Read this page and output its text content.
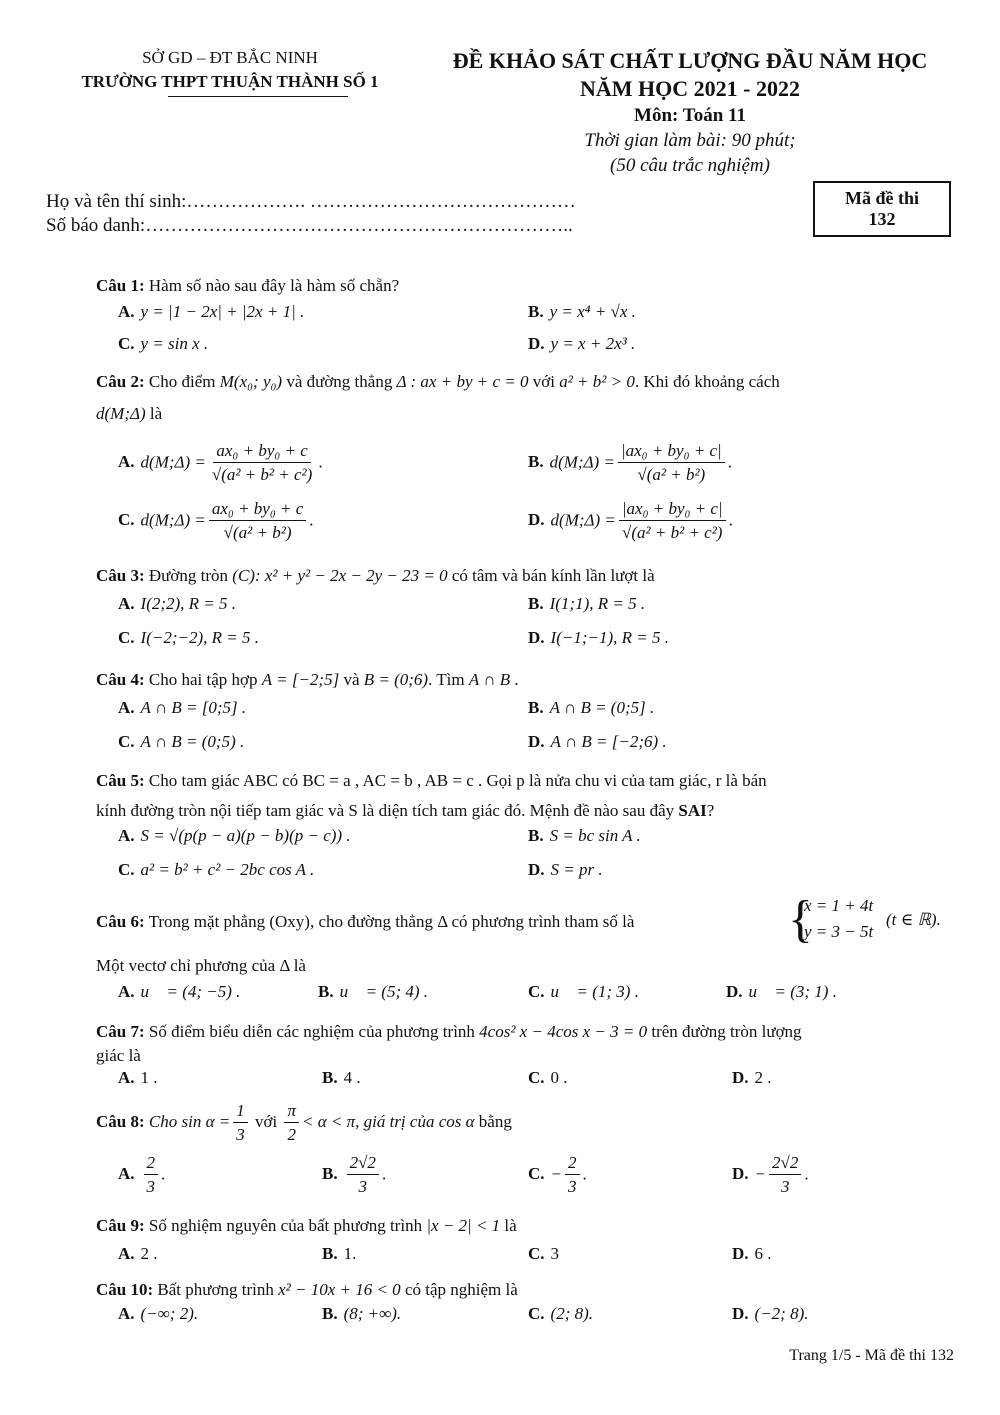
SỞ GD – ĐT BẮC NINH
TRƯỜNG THPT THUẬN THÀNH SỐ 1
ĐỀ KHẢO SÁT CHẤT LƯỢNG ĐẦU NĂM HỌC
NĂM HỌC 2021 - 2022
Môn: Toán 11
Thời gian làm bài: 90 phút;
(50 câu trắc nghiệm)
Họ và tên thí sinh:………………. ……………………………………
Số báo danh:…………………………………………………………..
Mã đề thi
132
Câu 1: Hàm số nào sau đây là hàm số chẵn?
A. y = |1 − 2x| + |2x + 1| .	B. y = x⁴ + √x .
C. y = sin x .	D. y = x + 2x³ .
Câu 2: Cho điểm M(x₀; y₀) và đường thẳng Δ : ax + by + c = 0 với a² + b² > 0. Khi đó khoảng cách
d(M;Δ) là
A. d(M;Δ) = $\frac{\text{ax₀ + by₀ + c}}{\text{√(a² + b² + c²)}}$ .	B. d(M;Δ) = $\frac{\text{|ax₀ + by₀ + c|}}{\text{√(a² + b²)}}$ .
C. d(M;Δ) = $\frac{\text{ax₀ + by₀ + c}}{\text{√(a² + b²)}}$ .	D. d(M;Δ) = $\frac{\text{|ax₀ + by₀ + c|}}{\text{√(a² + b² + c²)}}$ .
Câu 3: Đường tròn (C): x² + y² − 2x − 2y − 23 = 0 có tâm và bán kính lần lượt là
A. I(2;2), R = 5 .	B. I(1;1), R = 5 .
C. I(−2;−2), R = 5 .	D. I(−1;−1), R = 5 .
Câu 4: Cho hai tập hợp A = [−2;5] và B = (0;6). Tìm A ∩ B .
A. A ∩ B = [0;5] .	B. A ∩ B = (0;5] .
C. A ∩ B = (0;5) .	D. A ∩ B = [−2;6) .
Câu 5: Cho tam giác ABC có BC = a , AC = b , AB = c . Gọi p là nửa chu vi của tam giác, r là bán
kính đường tròn nội tiếp tam giác và S là diện tích tam giác đó. Mệnh đề nào sau đây SAI?
A. S = √(p(p − a)(p − b)(p − c)) .	B. S = bc sin A .
C. a² = b² + c² − 2bc cos A .	D. S = pr .
Câu 6: Trong mặt phẳng (Oxy), cho đường thẳng Δ có phương trình tham số là	{
x = 1 + 4t
y = 3 − 5t
(t ∈ ℝ).
Một vectơ chỉ phương của Δ là
A. u⃗ = (4; −5) .	B. u⃗ = (5; 4) .	C. u⃗ = (1; 3) .	D. u⃗ = (3; 1) .
Câu 7: Số điểm biểu diễn các nghiệm của phương trình 4cos² x − 4cos x − 3 = 0 trên đường tròn lượng
giác là
A. 1 .	B. 4 .	C. 0 .	D. 2 .
Câu 8: Cho $\sin \alpha = \frac{1}{3}$ với $\frac{\pi}{2} < \alpha < \pi$, giá trị của cos α bằng
A. $\frac{2}{3}$ .	B. $\frac{2√2}{3}$ .	C. − $\frac{2}{3}$ .	D. − $\frac{2√2}{3}$ .
Câu 9: Số nghiệm nguyên của bất phương trình |x − 2| < 1 là
A. 2 .	B. 1.	C. 3	D. 6 .
Câu 10: Bất phương trình x² − 10x + 16 < 0 có tập nghiệm là
A. (−∞; 2).	B. (8; +∞).	C. (2; 8).	D. (−2; 8).
Trang 1/5 - Mã đề thi 132
